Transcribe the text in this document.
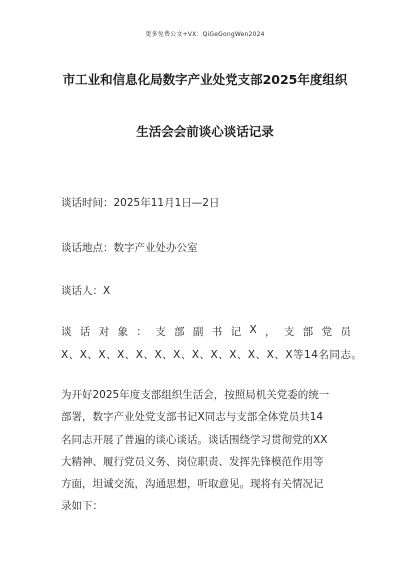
更多免费公文+VX：QiGeGongWen2024
市工业和信息化局数字产业处党支部2025年度组织
生活会会前谈心谈话记录
谈话时间：2025年11月1日—2日
谈话地点：数字产业处办公室
谈话人：X
谈 话 对 象 ： 支 部 副 书 记 X ， 支 部 党 员
X、X、X、X、X、X、X、X、X、X、X、X、X等14名同志。
为开好2025年度支部组织生活会，按照局机关党委的统一
部署，数字产业处党支部书记X同志与支部全体党员共14
名同志开展了普遍的谈心谈话。谈话围绕学习贯彻党的XX
大精神、履行党员义务、岗位职责、发挥先锋模范作用等
方面，坦诚交流，沟通思想，听取意见。现将有关情况记
录如下：
